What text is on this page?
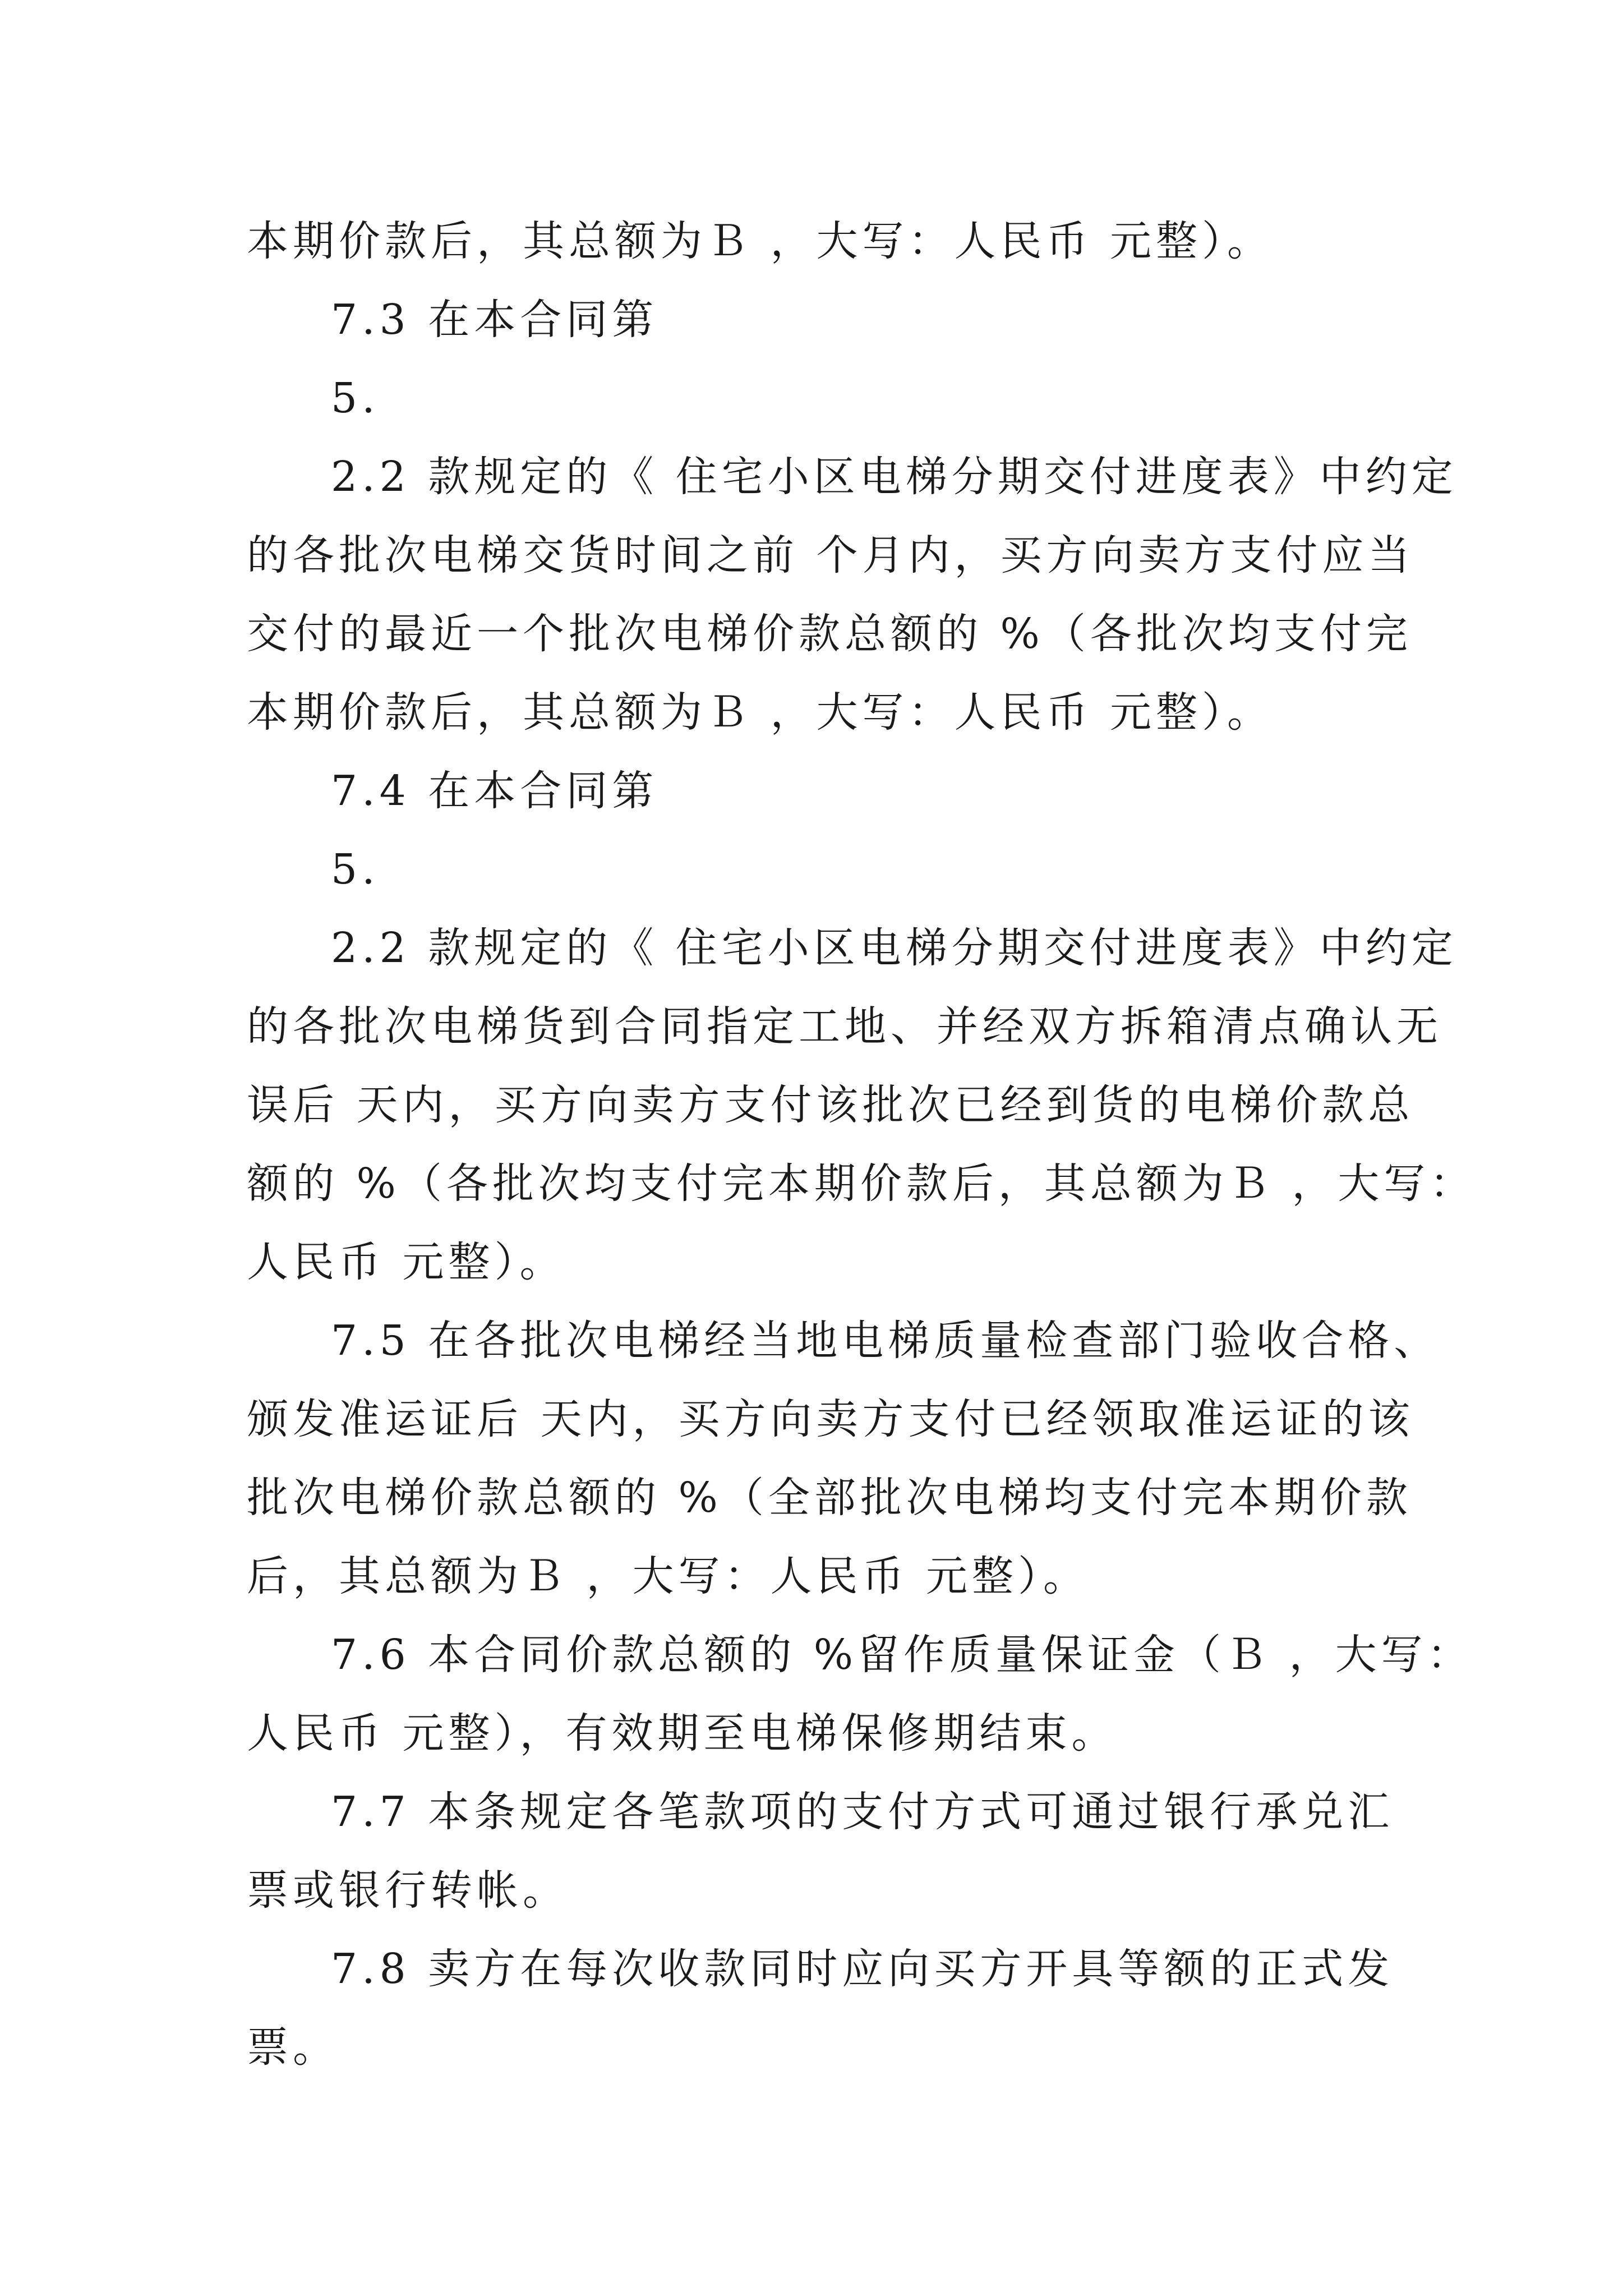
本期价款后，其总额为Ｂ ，大写：人民币 元整）。
7.3 在本合同第
5.
2.2 款规定的《 住宅小区电梯分期交付进度表》中约定
的各批次电梯交货时间之前 个月内，买方向卖方支付应当
交付的最近一个批次电梯价款总额的 %（各批次均支付完
本期价款后，其总额为Ｂ ，大写：人民币 元整）。
7.4 在本合同第
5.
2.2 款规定的《 住宅小区电梯分期交付进度表》中约定
的各批次电梯货到合同指定工地、并经双方拆箱清点确认无
误后 天内，买方向卖方支付该批次已经到货的电梯价款总
额的 %（各批次均支付完本期价款后，其总额为Ｂ ，大写：
人民币 元整）。
7.5 在各批次电梯经当地电梯质量检查部门验收合格、
颁发准运证后 天内，买方向卖方支付已经领取准运证的该
批次电梯价款总额的 %（全部批次电梯均支付完本期价款
后，其总额为Ｂ ，大写：人民币 元整）。
7.6 本合同价款总额的 %留作质量保证金（Ｂ ，大写：
人民币 元整），有效期至电梯保修期结束。
7.7 本条规定各笔款项的支付方式可通过银行承兑汇
票或银行转帐。
7.8 卖方在每次收款同时应向买方开具等额的正式发
票。
